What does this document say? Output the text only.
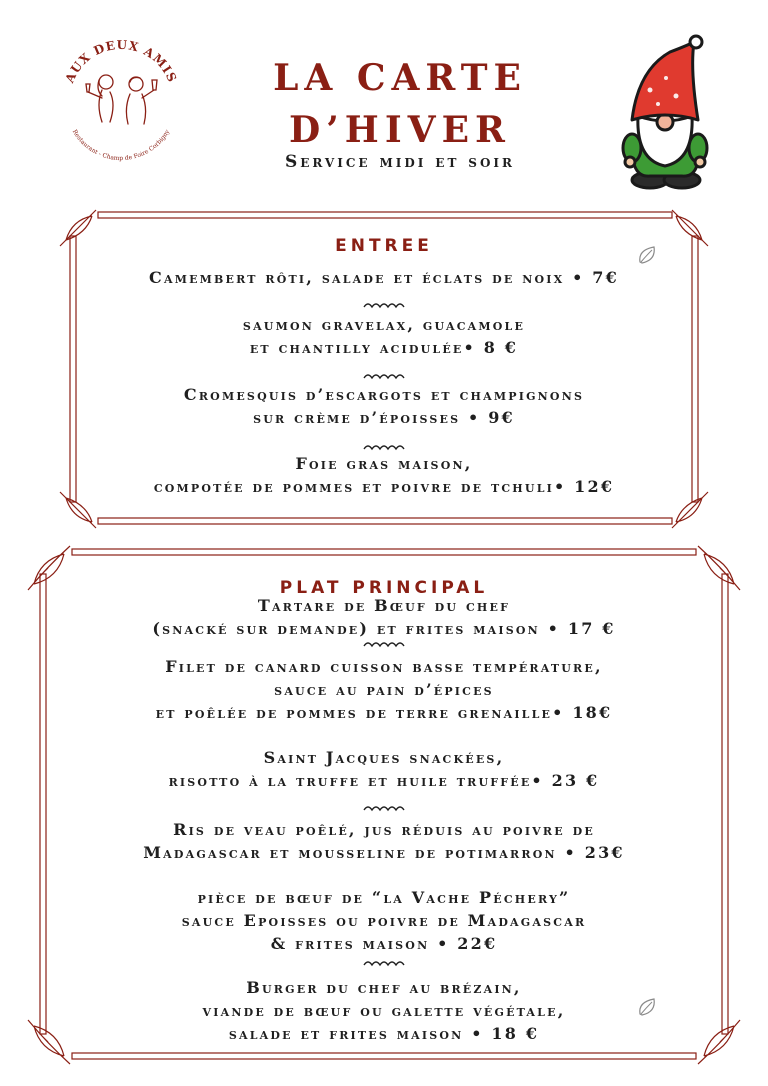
AUX DEUX AMIS
Restaurant - Champ de Foire Corbigny
LA CARTE
D’HIVER

Service midi et soir

ENTREE
Camembert rôti, salade et éclats de noix • 7€
saumon gravelax, guacamole
et chantilly acidulée• 8 €
Cromesquis d’escargots et champignons
sur crème d’époisses • 9€
Foie gras maison,
compotée de pommes et poivre de tchuli• 12€
PLAT PRINCIPAL
Tartare de Bœuf du chef
(snacké sur demande) et frites maison • 17 €
Filet de canard cuisson basse température,
sauce au pain d’épices
et poêlée de pommes de terre grenaille• 18€
Saint Jacques snackées,
risotto à la truffe et huile truffée• 23 €
Ris de veau poêlé, jus réduis au poivre de
Madagascar et mousseline de potimarron • 23€
pièce de bœuf de “la Vache Péchery”
sauce Epoisses ou poivre de Madagascar
& frites maison • 22€
Burger du chef au brézain,
viande de bœuf ou galette végétale,
salade et frites maison • 18 €
